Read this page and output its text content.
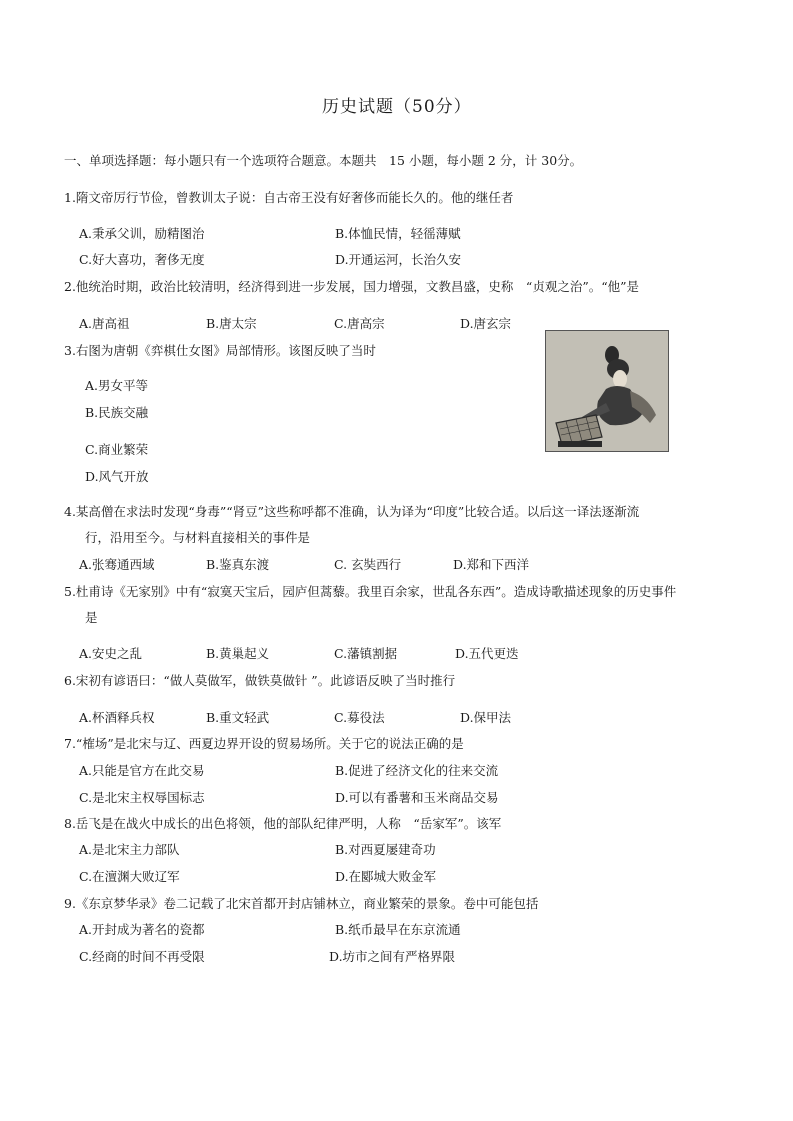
历史试题（50分）
一、单项选择题：每小题只有一个选项符合题意。本题共　15 小题，每小题 2 分，计 30分。
1.隋文帝厉行节俭，曾教训太子说：自古帝王没有好奢侈而能长久的。他的继任者
A.秉承父训，励精图治	B.体恤民情，轻徭薄赋
C.好大喜功，奢侈无度	D.开通运河，长治久安
2.他统治时期，政治比较清明，经济得到进一步发展，国力增强，文教昌盛，史称　“贞观之治”。“他”是
A.唐高祖	B.唐太宗	C.唐高宗	D.唐玄宗
3.右图为唐朝《弈棋仕女图》局部情形。该图反映了当时
A.男女平等
B.民族交融
C.商业繁荣
D.风气开放
4.某高僧在求法时发现“身毒”“肾豆”这些称呼都不准确，认为译为“印度”比较合适。以后这一译法逐渐流
行，沿用至今。与材料直接相关的事件是
A.张骞通西域	B.鉴真东渡	C. 玄奘西行	D.郑和下西洋
5.杜甫诗《无家别》中有“寂寞天宝后，园庐但蒿藜。我里百余家，世乱各东西”。造成诗歌描述现象的历史事件
是
A.安史之乱	B.黄巢起义	C.藩镇割据	D.五代更迭
6.宋初有谚语曰：“做人莫做军，做铁莫做针 ”。此谚语反映了当时推行
A.杯酒释兵权	B.重文轻武	C.募役法	D.保甲法
7.“榷场”是北宋与辽、西夏边界开设的贸易场所。关于它的说法正确的是
A.只能是官方在此交易	B.促进了经济文化的往来交流
C.是北宋主权辱国标志	D.可以有番薯和玉米商品交易
8.岳飞是在战火中成长的出色将领，他的部队纪律严明，人称　“岳家军”。该军
A.是北宋主力部队	B.对西夏屡建奇功
C.在澶渊大败辽军	D.在郾城大败金军
9.《东京梦华录》卷二记载了北宋首都开封店铺林立，商业繁荣的景象。卷中可能包括
A.开封成为著名的瓷都	B.纸币最早在东京流通
C.经商的时间不再受限	D.坊市之间有严格界限
